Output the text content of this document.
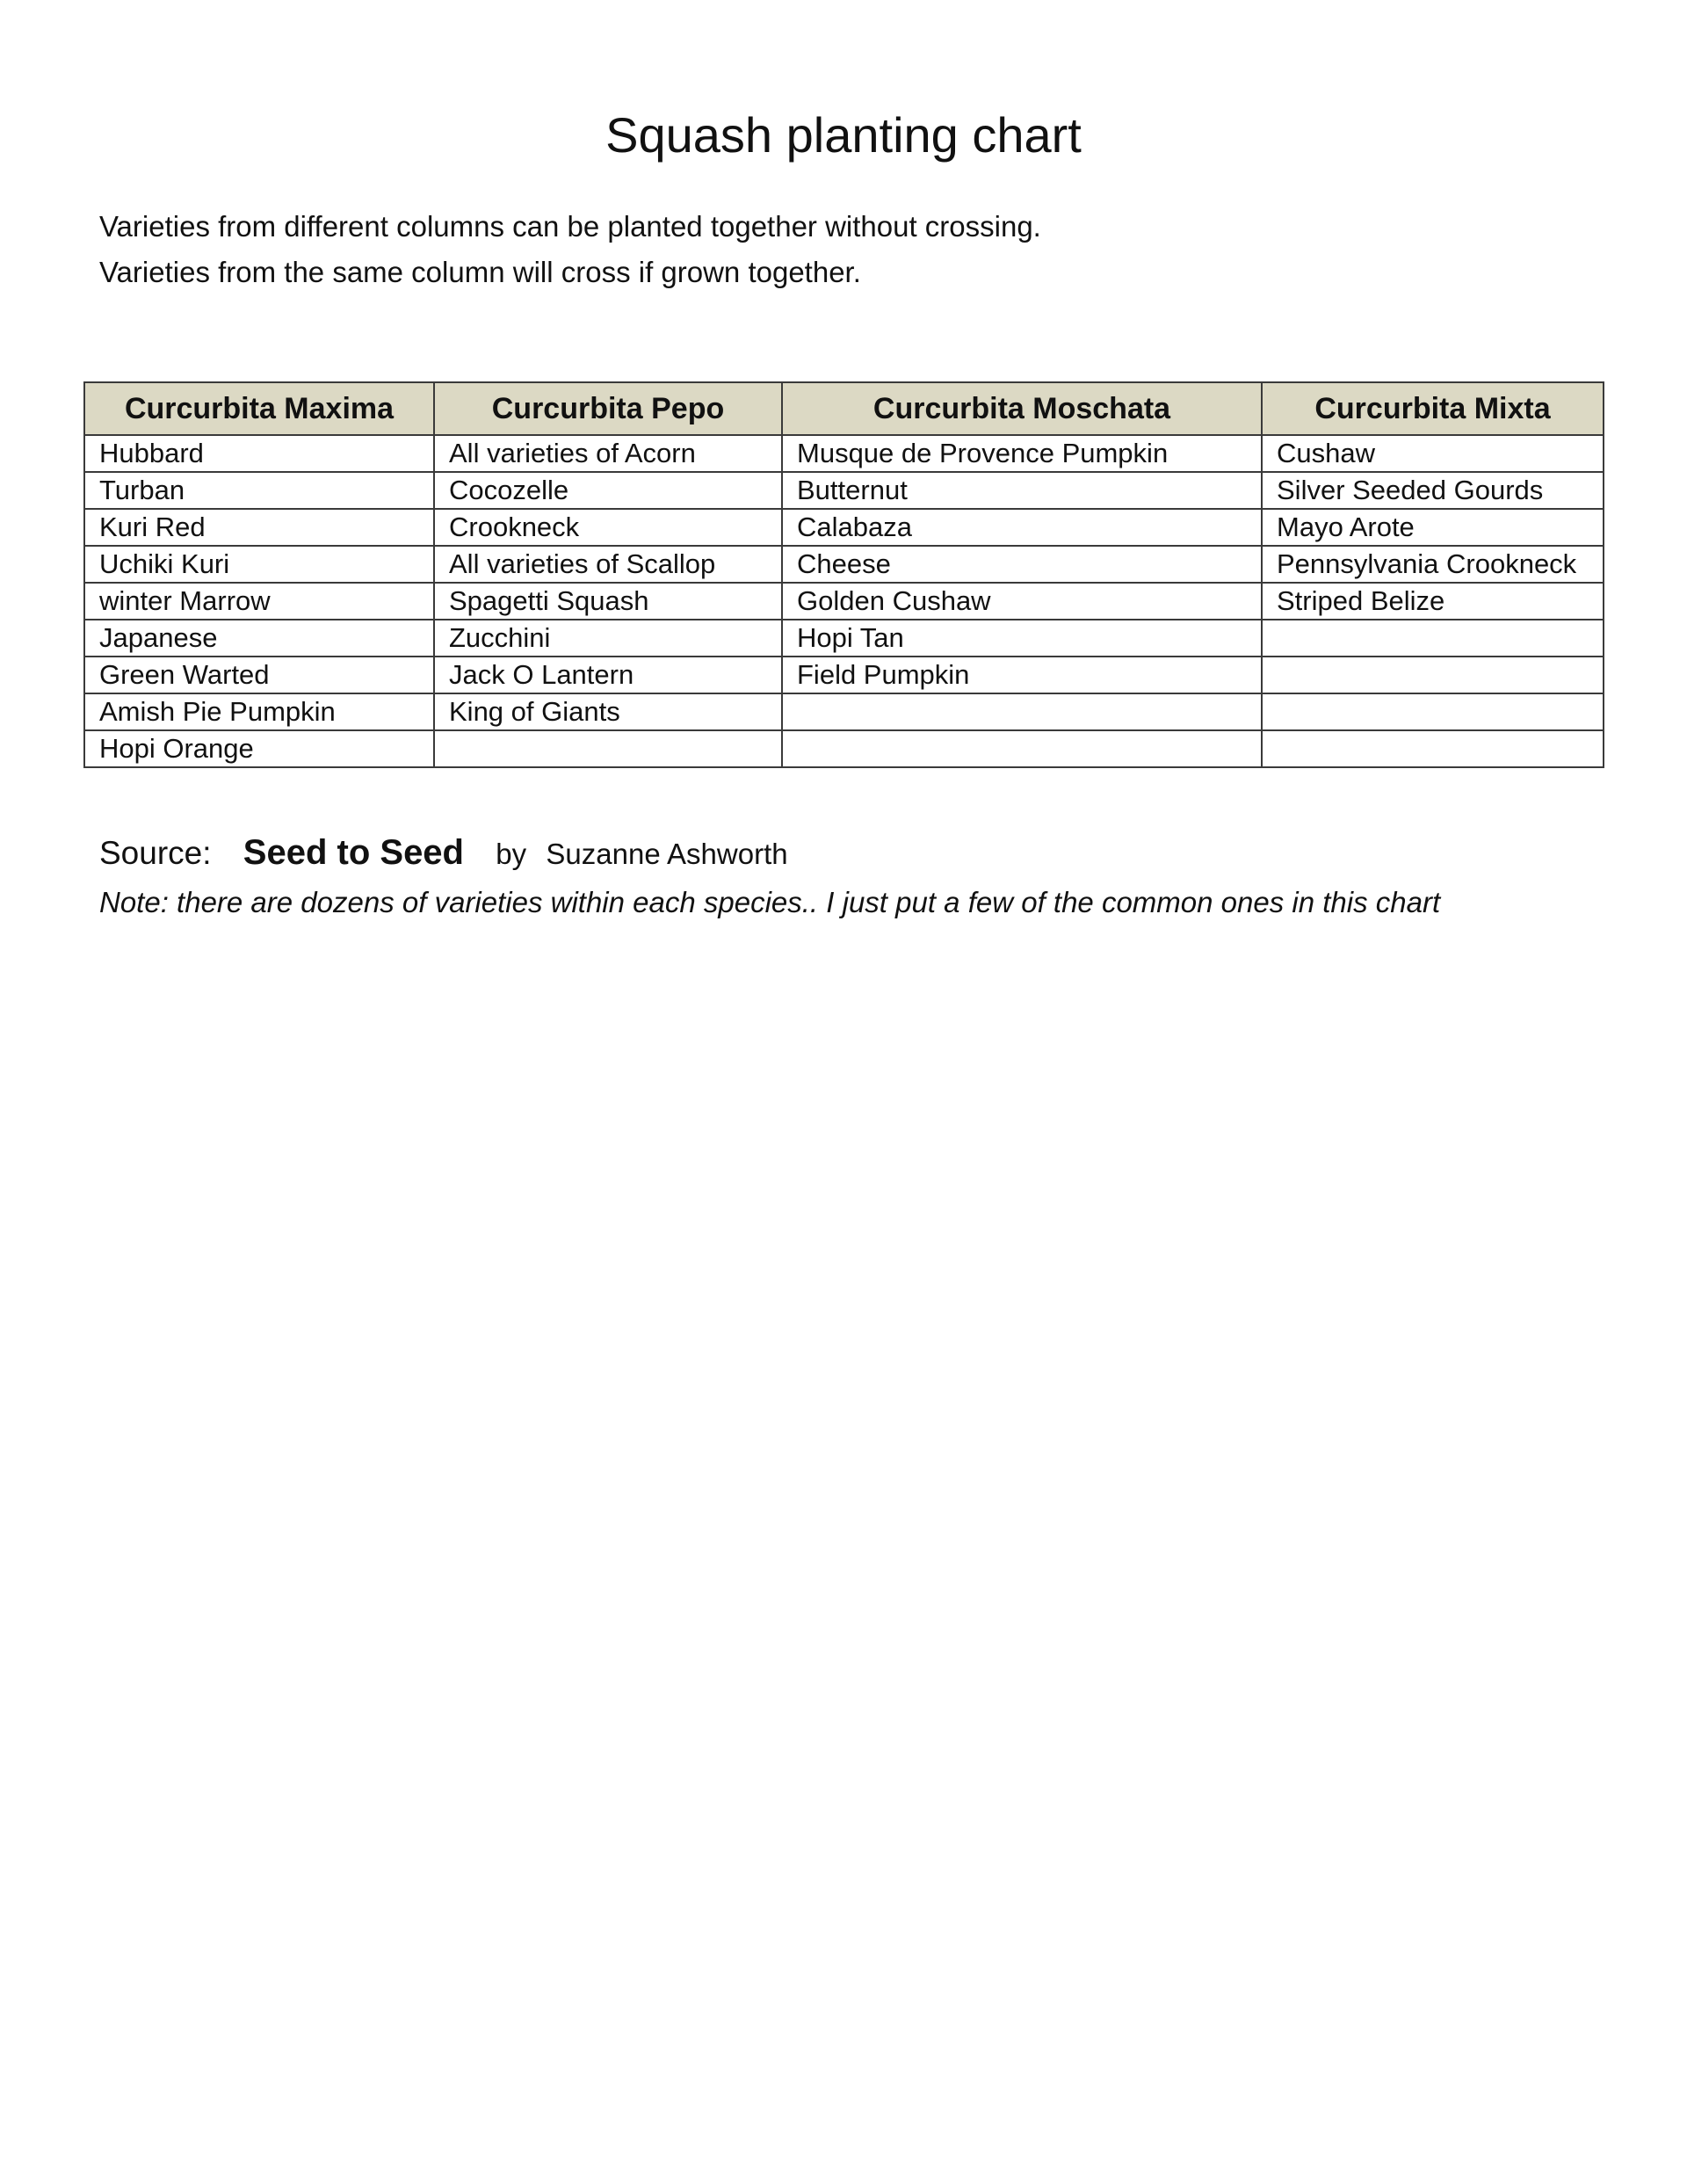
Squash planting chart

Varieties from different columns can be planted together without crossing.

Varieties from the same column will cross if grown together.

Curcurbita Maxima	Curcurbita Pepo	Curcurbita Moschata	Curcurbita Mixta
Hubbard	All varieties of Acorn	Musque de Provence Pumpkin	Cushaw
Turban	Cocozelle	Butternut	Silver Seeded Gourds
Kuri Red	Crookneck	Calabaza	Mayo Arote
Uchiki Kuri	All varieties of Scallop	Cheese	Pennsylvania Crookneck
winter Marrow	Spagetti Squash	Golden Cushaw	Striped Belize
Japanese	Zucchini	Hopi Tan	
Green Warted	Jack O Lantern	Field Pumpkin	
Amish Pie Pumpkin	King of Giants		
Hopi Orange			
Source: Seed to Seed by Suzanne Ashworth

Note: there are dozens of varieties within each species.. I just put a few of the common ones in this chart
